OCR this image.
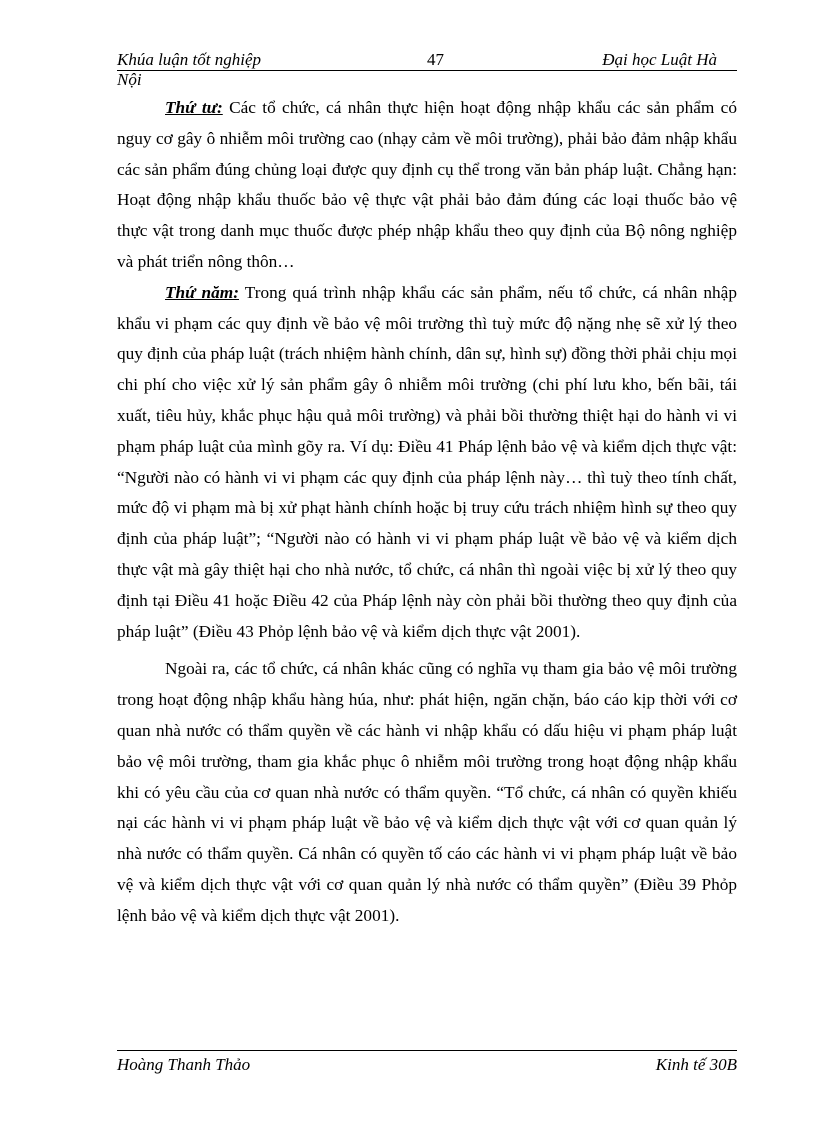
Khúa luận tốt nghiệp	47	Đại học Luật Hà
Nội

Thứ tư: Các tổ chức, cá nhân thực hiện hoạt động nhập khẩu các sản phẩm có nguy cơ gây ô nhiễm môi trường cao (nhạy cảm về môi trường), phải bảo đảm nhập khẩu các sản phẩm đúng chủng loại được quy định cụ thể trong văn bản pháp luật. Chẳng hạn: Hoạt động nhập khẩu thuốc bảo vệ thực vật phải bảo đảm đúng các loại thuốc bảo vệ thực vật trong danh mục thuốc được phép nhập khẩu theo quy định của Bộ nông nghiệp và phát triển nông thôn…

Thứ năm: Trong quá trình nhập khẩu các sản phẩm, nếu tổ chức, cá nhân nhập khẩu vi phạm các quy định về bảo vệ môi trường thì tuỳ mức độ nặng nhẹ sẽ xử lý theo quy định của pháp luật (trách nhiệm hành chính, dân sự, hình sự) đồng thời phải chịu mọi chi phí cho việc xử lý sản phẩm gây ô nhiễm môi trường (chi phí lưu kho, bến bãi, tái xuất, tiêu hủy, khắc phục hậu quả môi trường) và phải bồi thường thiệt hại do hành vi vi phạm pháp luật của mình gõy ra. Ví dụ: Điều 41 Pháp lệnh bảo vệ và kiểm dịch thực vật: “Người nào có hành vi vi phạm các quy định của pháp lệnh này… thì tuỳ theo tính chất, mức độ vi phạm mà bị xử phạt hành chính hoặc bị truy cứu trách nhiệm hình sự theo quy định của pháp luật”; “Người nào có hành vi vi phạm pháp luật về bảo vệ và kiểm dịch thực vật mà gây thiệt hại cho nhà nước, tổ chức, cá nhân thì ngoài việc bị xử lý theo quy định tại Điều 41 hoặc Điều 42 của Pháp lệnh này còn phải bồi thường theo quy định của pháp luật” (Điều 43 Phỏp lệnh bảo vệ và kiểm dịch thực vật 2001).

Ngoài ra, các tổ chức, cá nhân khác cũng có nghĩa vụ tham gia bảo vệ môi trường trong hoạt động nhập khẩu hàng húa, như: phát hiện, ngăn chặn, báo cáo kịp thời với cơ quan nhà nước có thẩm quyền về các hành vi nhập khẩu có dấu hiệu vi phạm pháp luật bảo vệ môi trường, tham gia khắc phục ô nhiễm môi trường trong hoạt động nhập khẩu khi có yêu cầu của cơ quan nhà nước có thẩm quyền. “Tổ chức, cá nhân có quyền khiếu nại các hành vi vi phạm pháp luật về bảo vệ và kiểm dịch thực vật với cơ quan quản lý nhà nước có thẩm quyền. Cá nhân có quyền tố cáo các hành vi vi phạm pháp luật về bảo vệ và kiểm dịch thực vật với cơ quan quản lý nhà nước có thẩm quyền” (Điều 39 Phỏp lệnh bảo vệ và kiểm dịch thực vật 2001).

Hoàng Thanh Thảo	Kinh tế 30B
